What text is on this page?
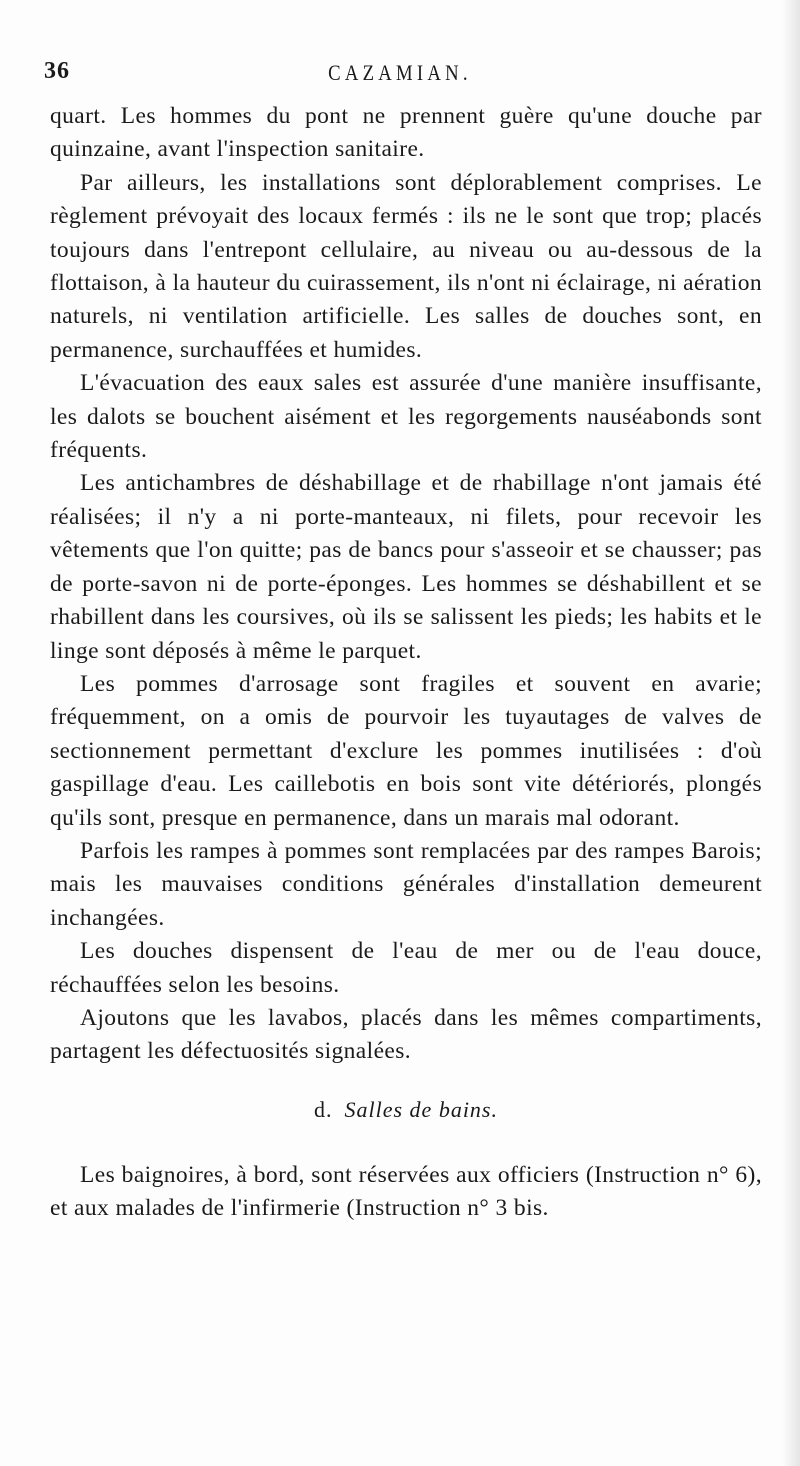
36	CAZAMIAN.

quart. Les hommes du pont ne prennent guère qu'une douche par quinzaine, avant l'inspection sanitaire.

Par ailleurs, les installations sont déplorablement comprises. Le règlement prévoyait des locaux fermés : ils ne le sont que trop; placés toujours dans l'entrepont cellulaire, au niveau ou au-dessous de la flottaison, à la hauteur du cuirassement, ils n'ont ni éclairage, ni aération naturels, ni ventilation artificielle. Les salles de douches sont, en permanence, surchauffées et humides.

L'évacuation des eaux sales est assurée d'une manière insuffisante, les dalots se bouchent aisément et les regorgements nauséabonds sont fréquents.

Les antichambres de déshabillage et de rhabillage n'ont jamais été réalisées; il n'y a ni porte-manteaux, ni filets, pour recevoir les vêtements que l'on quitte; pas de bancs pour s'asseoir et se chausser; pas de porte-savon ni de porte-éponges. Les hommes se déshabillent et se rhabillent dans les coursives, où ils se salissent les pieds; les habits et le linge sont déposés à même le parquet.

Les pommes d'arrosage sont fragiles et souvent en avarie; fréquemment, on a omis de pourvoir les tuyautages de valves de sectionnement permettant d'exclure les pommes inutilisées : d'où gaspillage d'eau. Les caillebotis en bois sont vite détériorés, plongés qu'ils sont, presque en permanence, dans un marais mal odorant.

Parfois les rampes à pommes sont remplacées par des rampes Barois; mais les mauvaises conditions générales d'installation demeurent inchangées.

Les douches dispensent de l'eau de mer ou de l'eau douce, réchauffées selon les besoins.

Ajoutons que les lavabos, placés dans les mêmes compartiments, partagent les défectuosités signalées.

d. Salles de bains.

Les baignoires, à bord, sont réservées aux officiers (Instruction n° 6), et aux malades de l'infirmerie (Instruction n° 3 bis.
